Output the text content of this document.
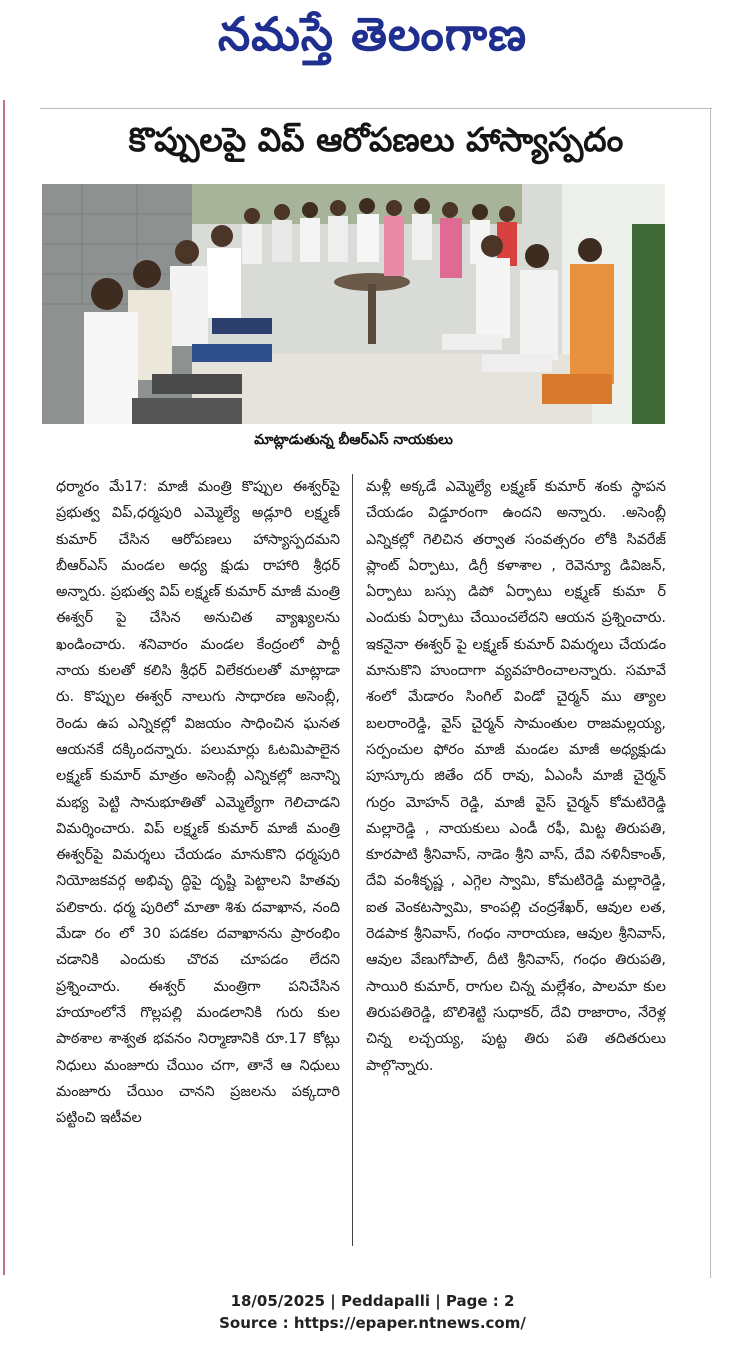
నమస్తే తెలంగాణ
కొప్పులపై విప్ ఆరోపణలు హాస్యాస్పదం
మాట్లాడుతున్న బీఆర్ఎస్ నాయకులు
ధర్మారం మే17: మాజీ మంత్రి కొప్పుల ఈశ్వర్‌పై ప్రభుత్వ విప్,ధర్మపురి ఎమ్మెల్యే అడ్లూరి లక్ష్మణ్ కుమార్ చేసిన ఆరోపణలు హాస్యాస్పదమని బీఆర్ఎస్ మండల అధ్య క్షుడు రాహారి శ్రీధర్ అన్నారు. ప్రభుత్వ విప్ లక్ష్మణ్ కుమార్ మాజీ మంత్రి ఈశ్వర్ పై చేసిన అనుచిత వ్యాఖ్యలను ఖండించారు. శనివారం మండల కేంద్రంలో పార్టీ నాయ కులతో కలిసి శ్రీధర్ విలేకరులతో మాట్లాడా రు. కొప్పుల ఈశ్వర్ నాలుగు సాధారణ అసెంబ్లీ, రెండు ఉప ఎన్నికల్లో విజయం సాధించిన ఘనత ఆయనకే దక్కిందన్నారు. పలుమార్లు ఓటమిపాలైన లక్ష్మణ్ కుమార్ మాత్రం అసెంబ్లీ ఎన్నికల్లో జనాన్ని మభ్య పెట్టి సానుభూతితో ఎమ్మెల్యేగా గెలిచాడని విమర్శించారు. విప్ లక్ష్మణ్ కుమార్ మాజీ మంత్రి ఈశ్వర్‌పై విమర్శలు చేయడం మానుకొని ధర్మపురి నియోజకవర్గ అభివృ ద్ధిపై దృష్టి పెట్టాలని హితవు పలికారు. ధర్మ పురిలో మాతా శిశు దవాఖాన, నంది మేడా రం లో 30 పడకల దవాఖానను ప్రారంభిం చడానికి ఎందుకు చొరవ చూపడం లేదని ప్రశ్నించారు. ఈశ్వర్ మంత్రిగా పనిచేసిన హయాంలోనే గొల్లపల్లి మండలానికి గురు కుల పాఠశాల శాశ్వత భవనం నిర్మాణానికి రూ.17 కోట్లు నిధులు మంజూరు చేయిం చగా, తానే ఆ నిధులు మంజూరు చేయిం చానని ప్రజలను పక్కదారి పట్టించి ఇటీవల
మళ్లీ అక్కడే ఎమ్మెల్యే లక్ష్మణ్ కుమార్ శంకు స్థాపన చేయడం విడ్డూరంగా ఉందని అన్నారు. .అసెంబ్లీ ఎన్నికల్లో గెలిచిన తర్వాత సంవత్సరం లోకి సివరేజ్ ప్లాంట్ ఏర్పాటు, డిగ్రీ కళాశాల , రెవెన్యూ డివిజన్, ఏర్పాటు బస్సు డిపో ఏర్పాటు లక్ష్మణ్ కుమా ర్ ఎందుకు ఏర్పాటు చేయించలేదని ఆయన ప్రశ్నించారు. ఇకనైనా ఈశ్వర్ పై లక్ష్మణ్ కుమార్ విమర్శలు చేయడం మానుకొని హుందాగా వ్యవహరించాలన్నారు. సమావే శంలో మేడారం సింగిల్ విండో చైర్మన్ ము త్యాల బలరాంరెడ్డి, వైస్ చైర్మన్ సామంతుల రాజమల్లయ్య, సర్పంచుల ఫోరం మాజీ మండల మాజీ అధ్యక్షుడు పూస్కూరు జితేం దర్ రావు, ఏఎంసీ మాజీ చైర్మన్ గుర్రం మోహన్ రెడ్డి, మాజీ వైస్ చైర్మన్ కోమటిరెడ్డి మల్లారెడ్డి , నాయకులు ఎండీ రఫీ, మిట్ట తిరుపతి, కూరపాటి శ్రీనివాస్, నాడెం శ్రీని వాస్, దేవి నళినీకాంత్, దేవి వంశీకృష్ణ , ఎగ్గెల స్వామి, కోమటిరెడ్డి మల్లారెడ్డి, ఐత వెంకటస్వామి, కాంపల్లి చంద్రశేఖర్, ఆవుల లత, రెడపాక శ్రీనివాస్, గంధం నారాయణ, ఆవుల శ్రీనివాస్, ఆవుల వేణుగోపాల్, దీటి శ్రీనివాస్, గంధం తిరుపతి, సాయిరి కుమార్, రాగుల చిన్న మల్లేశం, పాలమా కుల తిరుపతిరెడ్డి, బొలిశెట్టి సుధాకర్, దేవి రాజారాం, నేరెళ్ల చిన్న లచ్చయ్య, పుట్ట తిరు పతి తదితరులు పాల్గొన్నారు.
18/05/2025 | Peddapalli | Page : 2
Source : https://epaper.ntnews.com/
